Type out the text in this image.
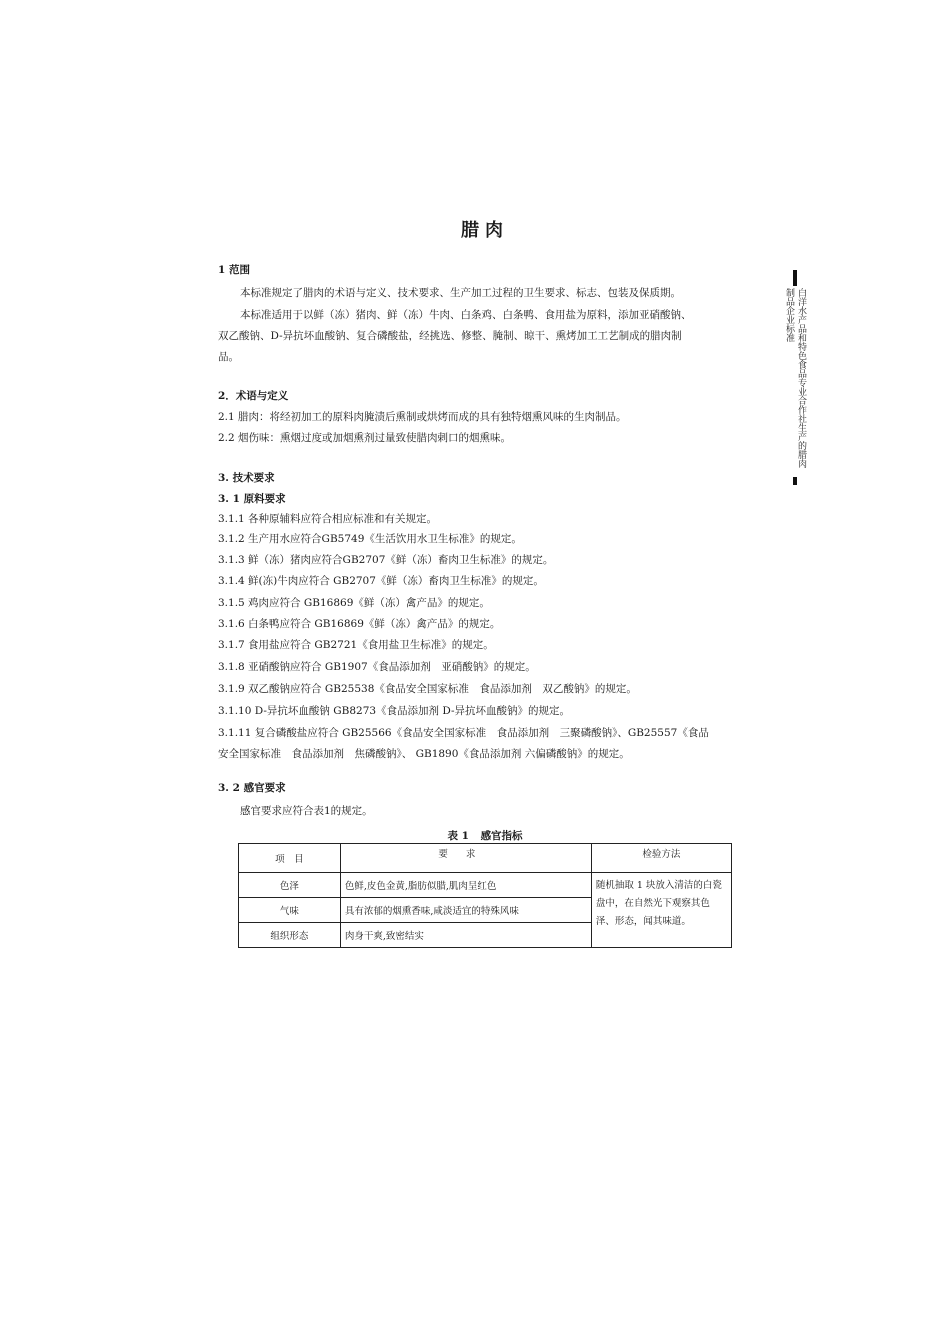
腊肉
白洋水产品和特色食品专业合作社生产的腊肉制品企业标准
1 范围
本标准规定了腊肉的术语与定义、技术要求、生产加工过程的卫生要求、标志、包装及保质期。
本标准适用于以鲜（冻）猪肉、鲜（冻）牛肉、白条鸡、白条鸭、食用盐为原料，添加亚硝酸钠、
双乙酸钠、D-异抗坏血酸钠、复合磷酸盐，经挑选、修整、腌制、晾干、熏烤加工工艺制成的腊肉制
品。
2．术语与定义
2.1 腊肉：将经初加工的原料肉腌渍后熏制或烘烤而成的具有独特烟熏风味的生肉制品。
2.2 烟伤味：熏烟过度或加烟熏剂过量致使腊肉剌口的烟熏味。
3. 技术要求
3. 1 原料要求
3.1.1 各种原辅料应符合相应标准和有关规定。
3.1.2 生产用水应符合GB5749《生活饮用水卫生标准》的规定。
3.1.3 鲜（冻）猪肉应符合GB2707《鲜（冻）畜肉卫生标准》的规定。
3.1.4 鲜(冻)牛肉应符合 GB2707《鲜（冻）畜肉卫生标准》的规定。
3.1.5 鸡肉应符合 GB16869《鲜（冻）禽产品》的规定。
3.1.6 白条鸭应符合 GB16869《鲜（冻）禽产品》的规定。
3.1.7 食用盐应符合 GB2721《食用盐卫生标准》的规定。
3.1.8 亚硝酸钠应符合 GB1907《食品添加剂　亚硝酸钠》的规定。
3.1.9 双乙酸钠应符合 GB25538《食品安全国家标准　食品添加剂　双乙酸钠》的规定。
3.1.10 D-异抗坏血酸钠 GB8273《食品添加剂 D-异抗坏血酸钠》的规定。
3.1.11 复合磷酸盐应符合 GB25566《食品安全国家标准　食品添加剂　三聚磷酸钠》、GB25557《食品
安全国家标准　食品添加剂　焦磷酸钠》、 GB1890《食品添加剂 六偏磷酸钠》的规定。
3. 2 感官要求
感官要求应符合表1的规定。
表 1 感官指标
项　目	要求	检验方法
色泽	色鲜,皮色金黄,脂肪似腊,肌肉呈红色	随机抽取 1 块放入清洁的白瓷盘中，在自然光下观察其色泽、形态，闻其味道。
气味	具有浓郁的烟熏香味,咸淡适宜的特殊风味	
组织形态	肉身干爽,致密结实	
